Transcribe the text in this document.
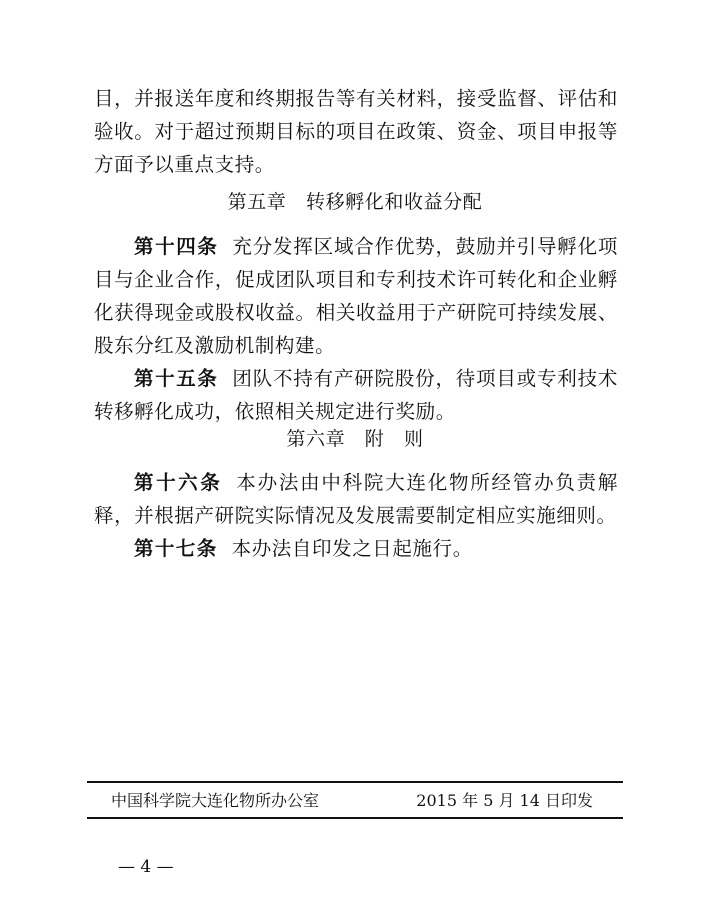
目，并报送年度和终期报告等有关材料，接受监督、评估和验收。对于超过预期目标的项目在政策、资金、项目申报等方面予以重点支持。

第五章　转移孵化和收益分配

第十四条 充分发挥区域合作优势，鼓励并引导孵化项目与企业合作，促成团队项目和专利技术许可转化和企业孵化获得现金或股权收益。相关收益用于产研院可持续发展、股东分红及激励机制构建。

第十五条 团队不持有产研院股份，待项目或专利技术转移孵化成功，依照相关规定进行奖励。

第六章　附　则

第十六条 本办法由中科院大连化物所经管办负责解释，并根据产研院实际情况及发展需要制定相应实施细则。

第十七条 本办法自印发之日起施行。

中国科学院大连化物所办公室	2015 年 5 月 14 日印发
— 4 —
